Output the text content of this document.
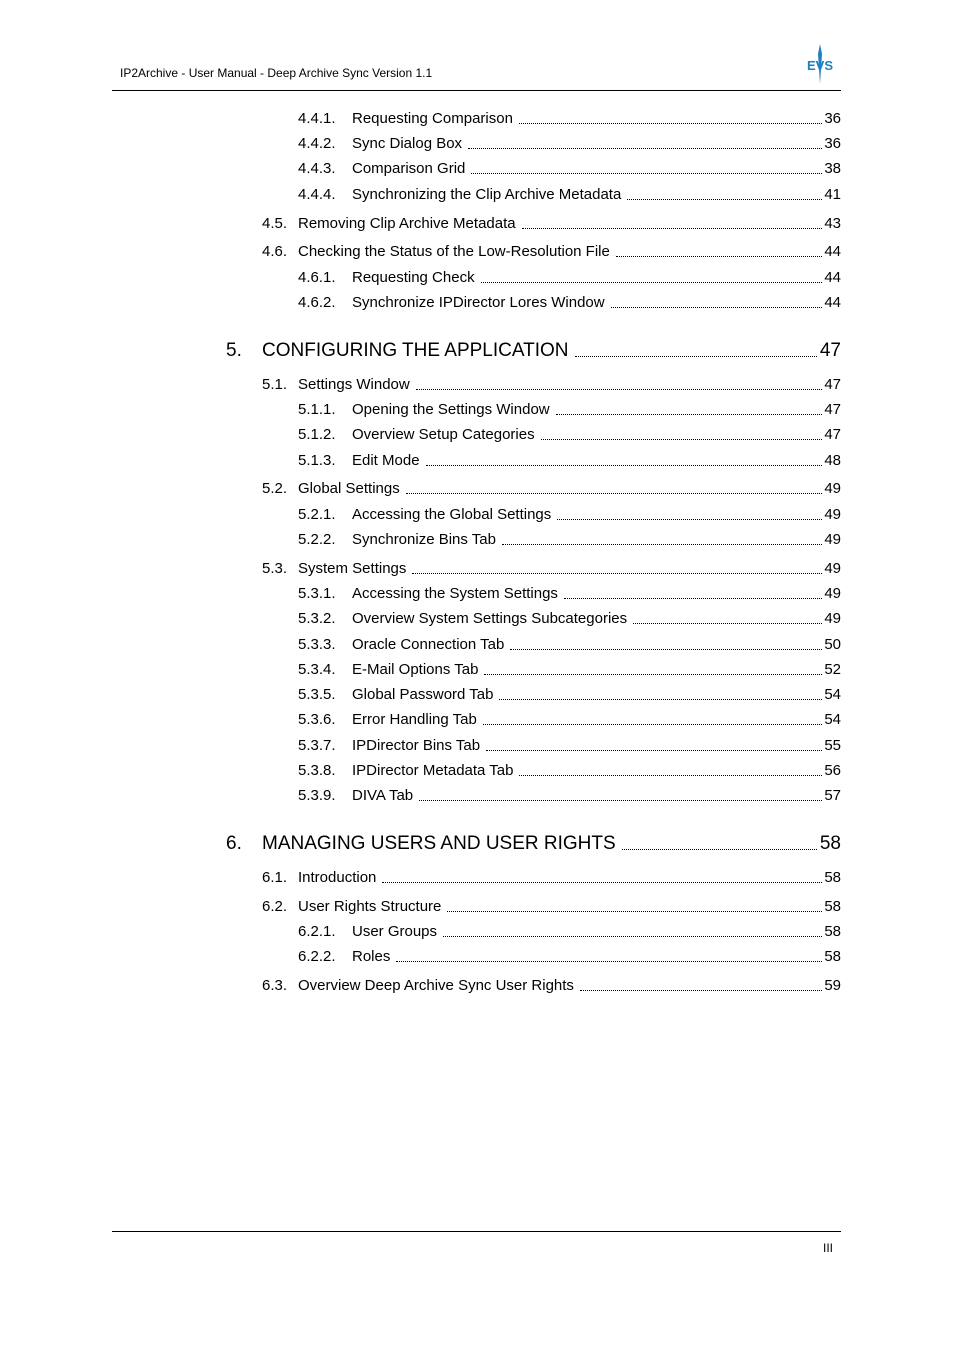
IP2Archive - User Manual - Deep Archive Sync Version 1.1	EVS
4.4.1.	Requesting Comparison	36
4.4.2.	Sync Dialog Box	36
4.4.3.	Comparison Grid	38
4.4.4.	Synchronizing the Clip Archive Metadata	41
4.5. Removing Clip Archive Metadata	43
4.6. Checking the Status of the Low-Resolution File	44
4.6.1.	Requesting Check	44
4.6.2.	Synchronize IPDirector Lores Window	44
5.	CONFIGURING THE APPLICATION	47
5.1. Settings Window	47
5.1.1.	Opening the Settings Window	47
5.1.2.	Overview Setup Categories	47
5.1.3.	Edit Mode	48
5.2. Global Settings	49
5.2.1.	Accessing the Global Settings	49
5.2.2.	Synchronize Bins Tab	49
5.3. System Settings	49
5.3.1.	Accessing the System Settings	49
5.3.2.	Overview System Settings Subcategories	49
5.3.3.	Oracle Connection Tab	50
5.3.4.	E-Mail Options Tab	52
5.3.5.	Global Password Tab	54
5.3.6.	Error Handling Tab	54
5.3.7.	IPDirector Bins Tab	55
5.3.8.	IPDirector Metadata Tab	56
5.3.9.	DIVA Tab	57
6.	MANAGING USERS AND USER RIGHTS	58
6.1. Introduction	58
6.2. User Rights Structure	58
6.2.1.	User Groups	58
6.2.2.	Roles	58
6.3. Overview Deep Archive Sync User Rights	59
III
